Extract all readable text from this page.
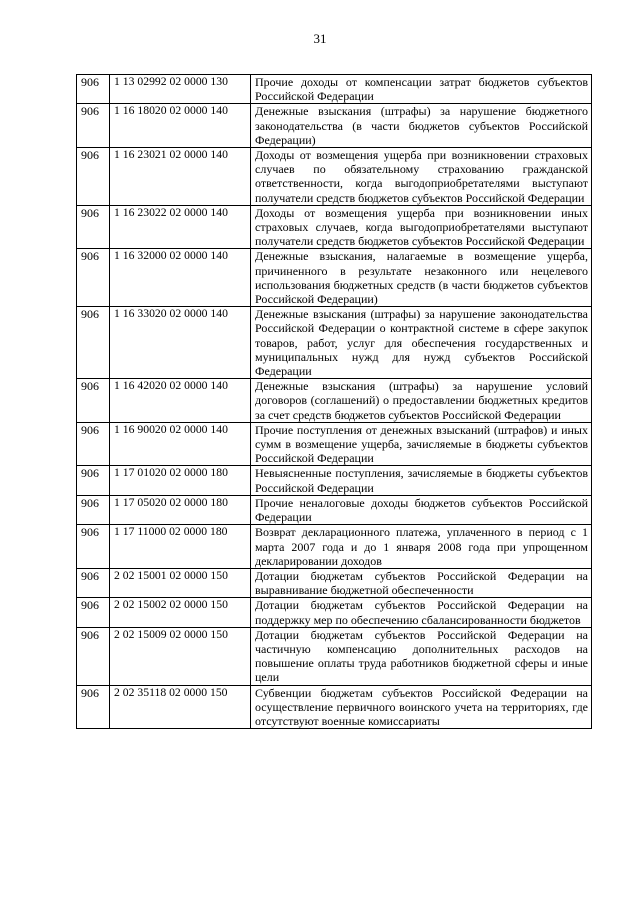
31
906	1 13 02992 02 0000 130	Прочие доходы от компенсации затрат бюджетов субъектов Российской Федерации
906	1 16 18020 02 0000 140	Денежные взыскания (штрафы) за нарушение бюджетного законодательства (в части бюджетов субъектов Российской Федерации)
906	1 16 23021 02 0000 140	Доходы от возмещения ущерба при возникновении страховых случаев по обязательному страхованию гражданской ответственности, когда выгодоприобретателями выступают получатели средств бюджетов субъектов Российской Федерации
906	1 16 23022 02 0000 140	Доходы от возмещения ущерба при возникновении иных страховых случаев, когда выгодоприобретателями выступают получатели средств бюджетов субъектов Российской Федерации
906	1 16 32000 02 0000 140	Денежные взыскания, налагаемые в возмещение ущерба, причиненного в результате незаконного или нецелевого использования бюджетных средств (в части бюджетов субъектов Российской Федерации)
906	1 16 33020 02 0000 140	Денежные взыскания (штрафы) за нарушение законодательства Российской Федерации о контрактной системе в сфере закупок товаров, работ, услуг для обеспечения государственных и муниципальных нужд для нужд субъектов Российской Федерации
906	1 16 42020 02 0000 140	Денежные взыскания (штрафы) за нарушение условий договоров (соглашений) о предоставлении бюджетных кредитов за счет средств бюджетов субъектов Российской Федерации
906	1 16 90020 02 0000 140	Прочие поступления от денежных взысканий (штрафов) и иных сумм в возмещение ущерба, зачисляемые в бюджеты субъектов Российской Федерации
906	1 17 01020 02 0000 180	Невыясненные поступления, зачисляемые в бюджеты субъектов Российской Федерации
906	1 17 05020 02 0000 180	Прочие неналоговые доходы бюджетов субъектов Российской Федерации
906	1 17 11000 02 0000 180	Возврат декларационного платежа, уплаченного в период с 1 марта 2007 года и до 1 января 2008 года при упрощенном декларировании доходов
906	2 02 15001 02 0000 150	Дотации бюджетам субъектов Российской Федерации на выравнивание бюджетной обеспеченности
906	2 02 15002 02 0000 150	Дотации бюджетам субъектов Российской Федерации на поддержку мер по обеспечению сбалансированности бюджетов
906	2 02 15009 02 0000 150	Дотации бюджетам субъектов Российской Федерации на частичную компенсацию дополнительных расходов на повышение оплаты труда работников бюджетной сферы и иные цели
906	2 02 35118 02 0000 150	Субвенции бюджетам субъектов Российской Федерации на осуществление первичного воинского учета на территориях, где отсутствуют военные комиссариаты
